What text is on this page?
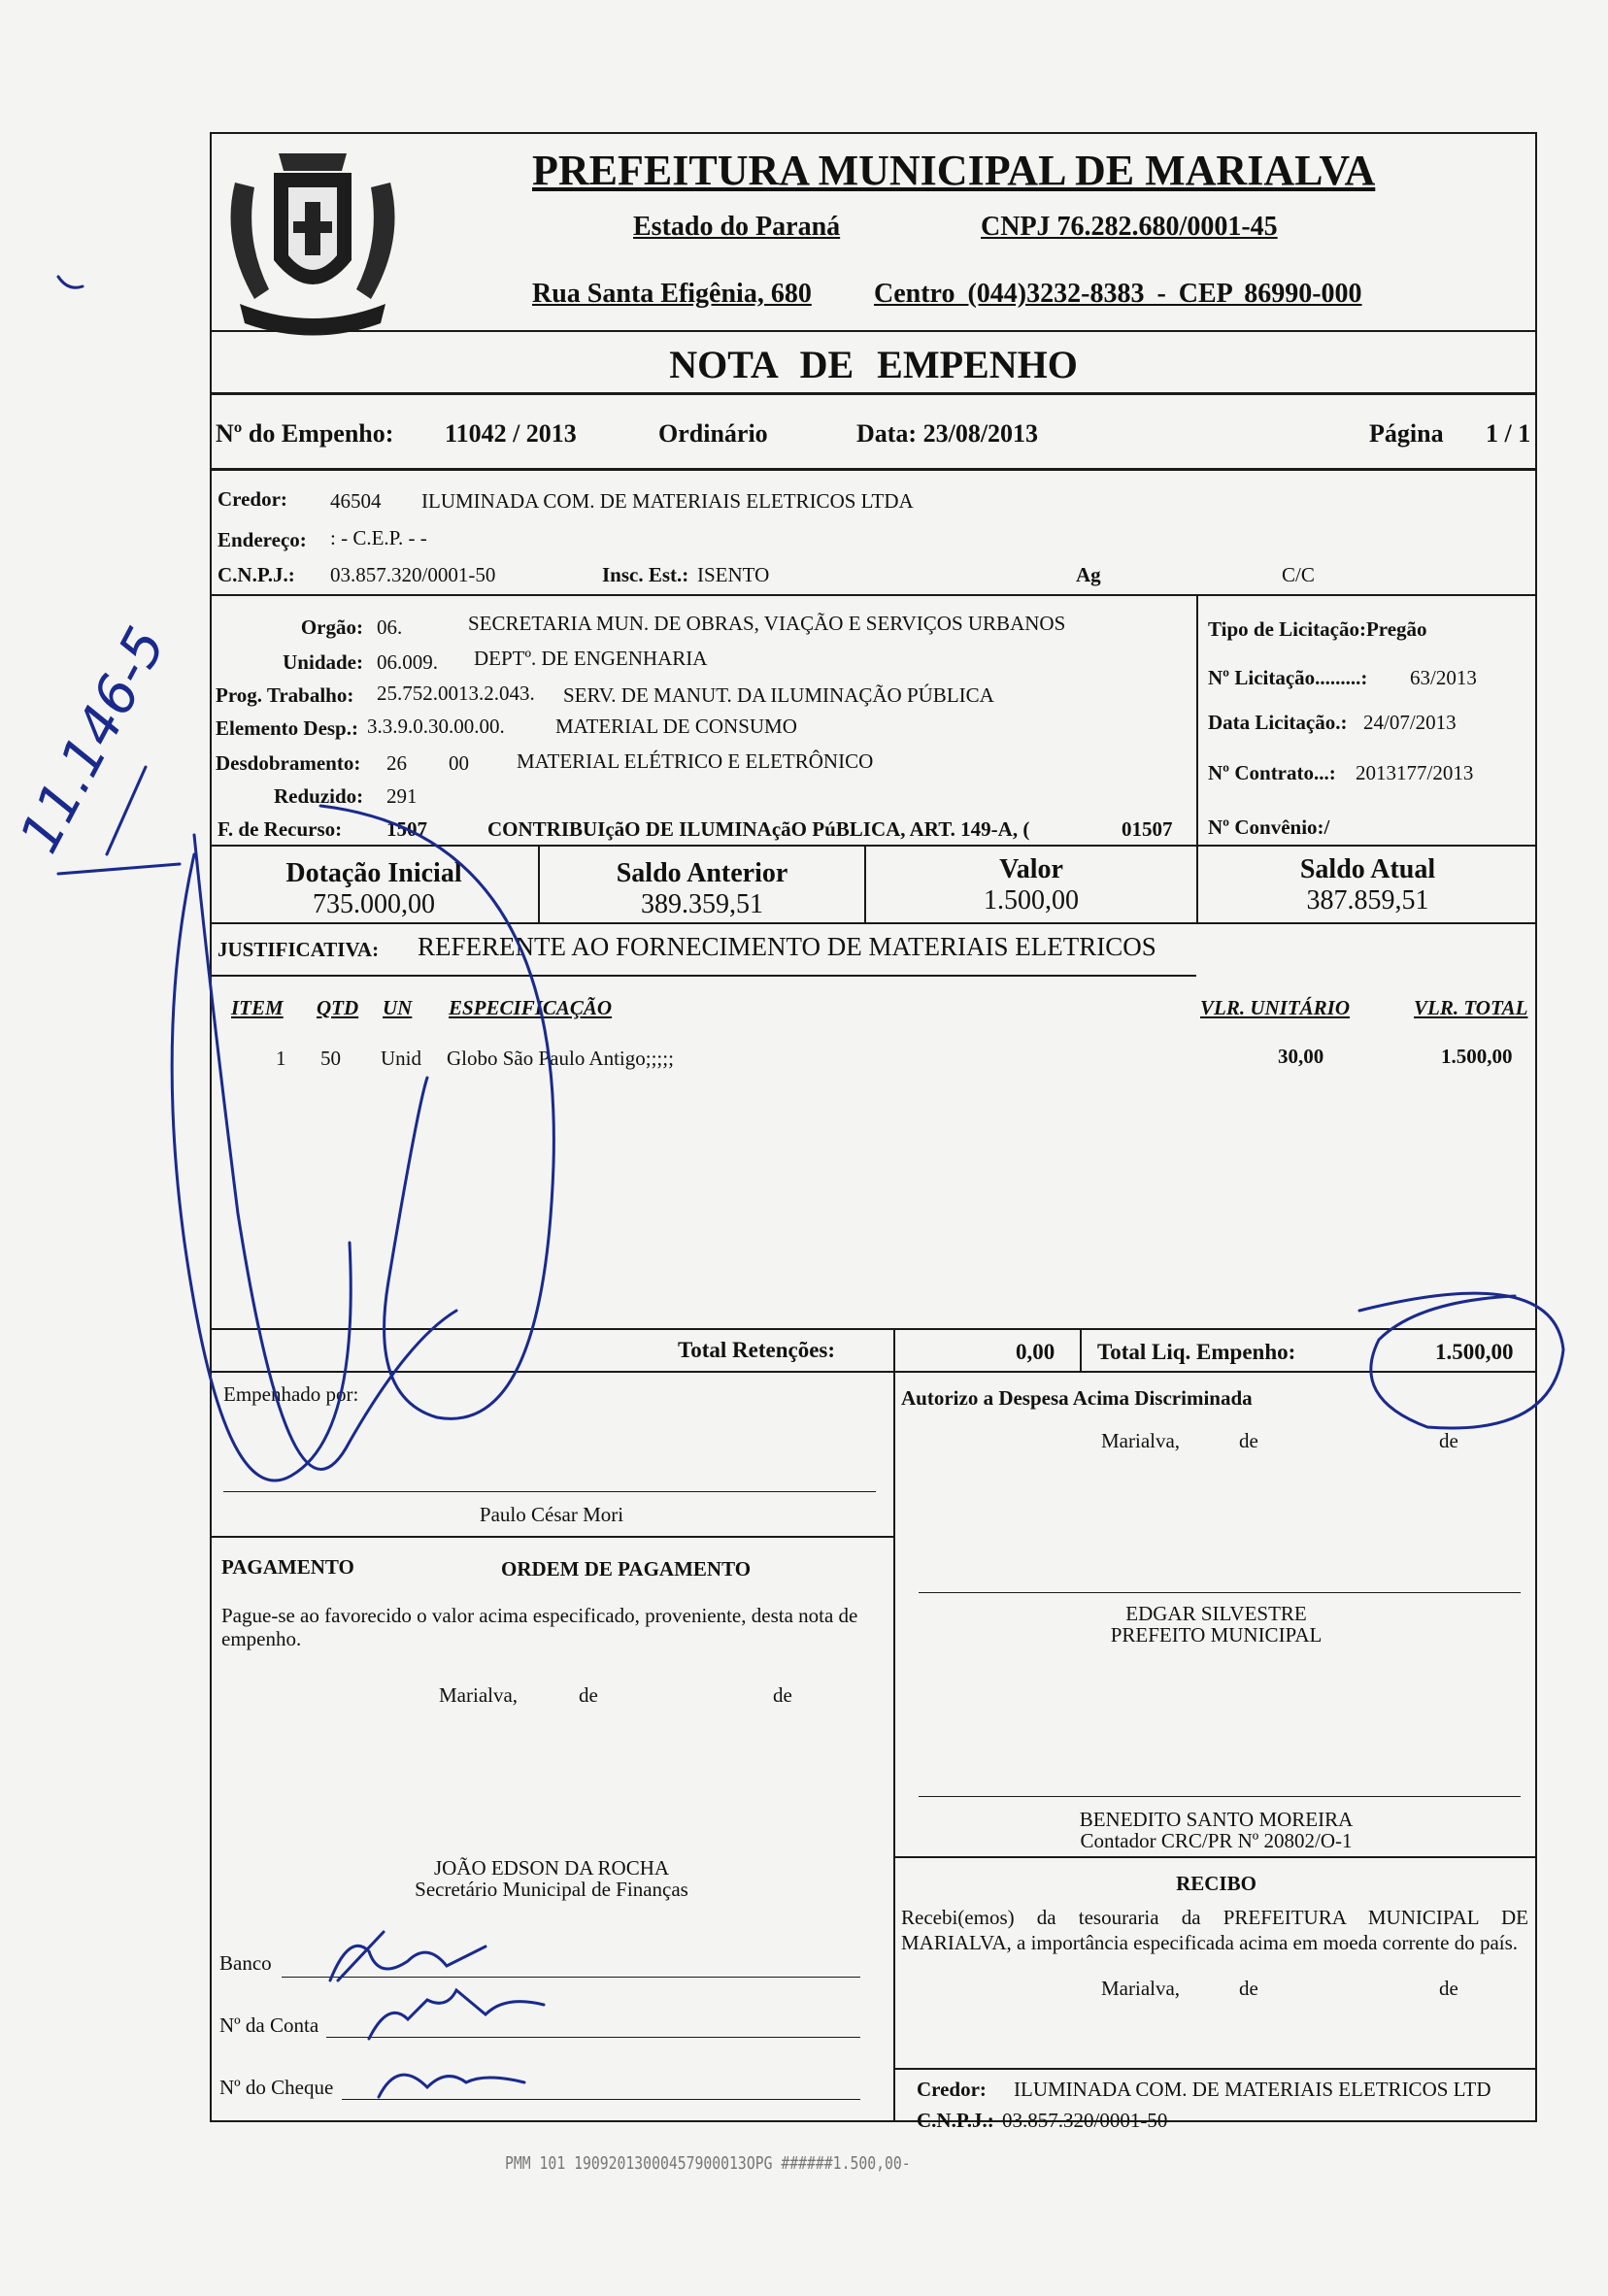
PREFEITURA MUNICIPAL DE MARIALVA
Estado do Paraná	CNPJ 76.282.680/0001-45
Rua Santa Efigênia, 680 Centro (044)3232-8383 - CEP 86990-000
NOTA DE EMPENHO
Nº do Empenho: 11042 / 2013	Ordinário	Data: 23/08/2013	Página 1 / 1
Credor: 46504 ILUMINADA COM. DE MATERIAIS ELETRICOS LTDA
Endereço: : - C.E.P. - -
C.N.P.J.: 03.857.320/0001-50	Insc. Est.: ISENTO	Ag	C/C
Orgão: 06.	SECRETARIA MUN. DE OBRAS, VIAÇÃO E SERVIÇOS URBANOS
Unidade: 06.009. DEPTº. DE ENGENHARIA
Prog. Trabalho: 25.752.0013.2.043. SERV. DE MANUT. DA ILUMINAÇÃO PÚBLICA
Elemento Desp.: 3.3.9.0.30.00.00. MATERIAL DE CONSUMO
Desdobramento: 26 00 MATERIAL ELÉTRICO E ELETRÔNICO
Reduzido: 291
F. de Recurso: 1507	CONTRIBUIçãO DE ILUMINAçãO PúBLICA, ART. 149-A, (	01507
Tipo de Licitação:Pregão
Nº Licitação.........: 63/2013
Data Licitação.: 24/07/2013
Nº Contrato...: 2013177/2013
Nº Convênio:/
Dotação Inicial
735.000,00
Saldo Anterior
389.359,51
Valor
1.500,00
Saldo Atual
387.859,51
JUSTIFICATIVA: REFERENTE AO FORNECIMENTO DE MATERIAIS ELETRICOS
ITEM QTD UN ESPECIFICAÇÃO	VLR. UNITÁRIO	VLR. TOTAL
1 50 Unid Globo São Paulo Antigo;;;;;	30,00	1.500,00
Total Retenções:	0,00 Total Liq. Empenho:	1.500,00
Empenhado por:
Paulo César Mori
Autorizo a Despesa Acima Discriminada
Marialva,	de	de
EDGAR SILVESTRE
PREFEITO MUNICIPAL
PAGAMENTO	ORDEM DE PAGAMENTO
Pague-se ao favorecido o valor acima especificado, proveniente, desta nota de empenho.
Marialva,	de	de
BENEDITO SANTO MOREIRA
Contador CRC/PR Nº 20802/O-1
JOÃO EDSON DA ROCHA
Secretário Municipal de Finanças	RECIBO
Recebi(emos) da tesouraria da PREFEITURA MUNICIPAL DE MARIALVA, a importância especificada acima em moeda corrente do país.
Marialva,	de	de
Banco
Nº da Conta
Nº do Cheque	Credor: ILUMINADA COM. DE MATERIAIS ELETRICOS LTD
C.N.P.J.: 03.857.320/0001-50
PMM 101 19092013000457900013OPG ######1.500,00-
11.146-5
